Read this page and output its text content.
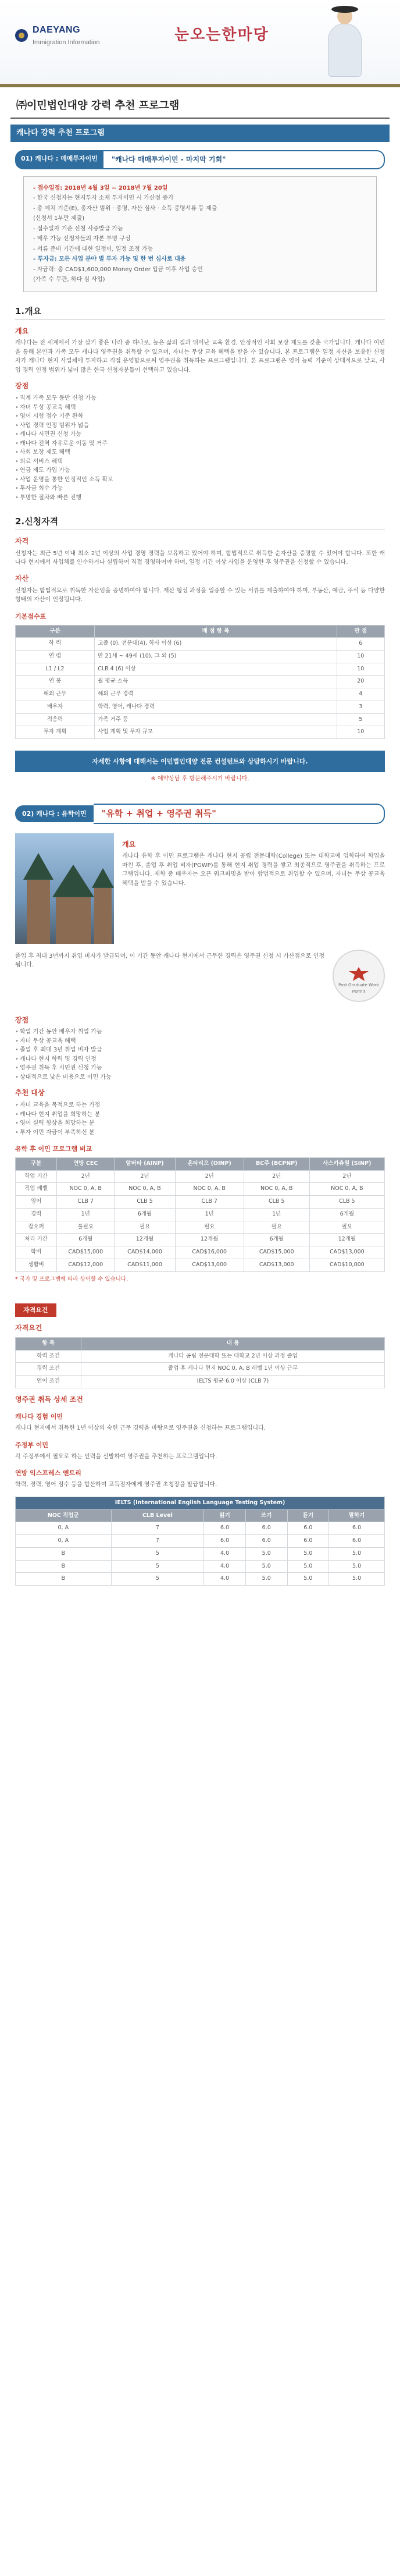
DAEYANG
Immigration Information	눈오는한마당
㈜이민법인대양 강력 추천 프로그램
캐나다 강력 추천 프로그램
01) 캐나다 : 매매투자이민	"캐나다 매매투자이민 - 마지막 기회"
- 접수일정: 2018년 4월 3일 ~ 2018년 7월 20일
- 한국 신청자는 현지투자 소재 투자이민 시 가산점 증가
- 총 예치 기준(E), 총자산 범위 · 총명, 자산 심사 · 소득 증명서류 등 제출
(신청서 1부만 제출)
- 접수일자 기준 신청 사증발급 가능
- 배우 가능 신청자들의 자본 투명 구성
- 서류 준비 기간에 대한 일정이, 일정 조정 가능
- 투자금: 모든 사업 분야 별 투자 가능 및 한 번 심사로 대응
- 자금력: 총 CAD$1,600,000 Money Order 입금 이후 사업 승인
(가족 수 무관, 하다 심 사업)
1.개요
개요

캐나다는 전 세계에서 가장 살기 좋은 나라 중 하나로, 높은 삶의 질과 뛰어난 교육 환경, 안정적인 사회 보장 제도를 갖춘 국가입니다. 캐나다 이민을 통해 본인과 가족 모두 캐나다 영주권을 취득할 수 있으며, 자녀는 무상 교육 혜택을 받을 수 있습니다. 본 프로그램은 일정 자산을 보유한 신청자가 캐나다 현지 사업체에 투자하고 직접 운영함으로써 영주권을 취득하는 프로그램입니다. 본 프로그램은 영어 능력 기준이 상대적으로 낮고, 사업 경력 인정 범위가 넓어 많은 한국 신청자분들이 선택하고 있습니다.

장점
• 직계 가족 모두 동반 신청 가능
• 자녀 무상 공교육 혜택
• 영어 시험 점수 기준 완화
• 사업 경력 인정 범위가 넓음
• 캐나다 시민권 신청 가능
• 캐나다 전역 자유로운 이동 및 거주
• 사회 보장 제도 혜택
• 의료 서비스 혜택
• 연금 제도 가입 가능
• 사업 운영을 통한 안정적인 소득 확보
• 투자금 회수 가능
• 투명한 절차와 빠른 진행
2.신청자격
자격

신청자는 최근 5년 이내 최소 2년 이상의 사업 경영 경력을 보유하고 있어야 하며, 합법적으로 취득한 순자산을 증명할 수 있어야 합니다. 또한 캐나다 현지에서 사업체를 인수하거나 설립하여 직접 경영하여야 하며, 일정 기간 이상 사업을 운영한 후 영주권을 신청할 수 있습니다.

자산

신청자는 합법적으로 취득한 자산임을 증명하여야 합니다. 재산 형성 과정을 입증할 수 있는 서류를 제출하여야 하며, 부동산, 예금, 주식 등 다양한 형태의 자산이 인정됩니다.

기본점수표
구분	배 점 항 목	만 점
학 력	고졸 (0), 전문대(4), 학사 이상 (6)	6
연 령	만 21세 ~ 49세 (10), 그 외 (5)	10
L1 / L2	CLB 4 (6) 이상	10
연 봉	월 평균 소득	20
해외 근무	해외 근무 경력	4
배우자	학력, 영어, 캐나다 경력	3
적응력	가족 거주 등	5
투자 계획	사업 계획 및 투자 규모	10
자세한 사항에 대해서는 이민법인대양 전문 컨설턴트와 상담하시기 바랍니다.
※ 예약상담 후 방문해주시기 바랍니다.
02) 캐나다 : 유학이민	"유학 + 취업 + 영주권 취득"
개요

캐나다 유학 후 이민 프로그램은 캐나다 현지 공립 전문대학(College) 또는 대학교에 입학하여 학업을 마친 후, 졸업 후 취업 비자(PGWP)를 통해 현지 취업 경력을 쌓고 최종적으로 영주권을 취득하는 프로그램입니다. 재학 중 배우자는 오픈 워크퍼밋을 받아 합법적으로 취업할 수 있으며, 자녀는 무상 공교육 혜택을 받을 수 있습니다.

졸업 후 최대 3년까지 취업 비자가 발급되며, 이 기간 동안 캐나다 현지에서 근무한 경력은 영주권 신청 시 가산점으로 인정됩니다.

Post Graduate Work Permit
장점
• 학업 기간 동안 배우자 취업 가능
• 자녀 무상 공교육 혜택
• 졸업 후 최대 3년 취업 비자 발급
• 캐나다 현지 학력 및 경력 인정
• 영주권 취득 후 시민권 신청 가능
• 상대적으로 낮은 비용으로 이민 가능
추천 대상
• 자녀 교육을 목적으로 하는 가정
• 캐나다 현지 취업을 희망하는 분
• 영어 실력 향상을 희망하는 분
• 투자 이민 자금이 부족하신 분
유학 후 이민 프로그램 비교
구분	연방 CEC	알버타 (AINP)	온타리오 (OINP)	BC주 (BCPNP)	사스카츄원 (SINP)
학업 기간	2년	2년	2년	2년	2년
직업 레벨	NOC 0, A, B	NOC 0, A, B	NOC 0, A, B	NOC 0, A, B	NOC 0, A, B
영어	CLB 7	CLB 5	CLB 7	CLB 5	CLB 5
경력	1년	6개월	1년	1년	6개월
잡오퍼	불필요	필요	필요	필요	필요
처리 기간	6개월	12개월	12개월	6개월	12개월
학비	CAD$15,000	CAD$14,000	CAD$16,000	CAD$15,000	CAD$13,000
생활비	CAD$12,000	CAD$11,000	CAD$13,000	CAD$13,000	CAD$10,000
* 국가 및 프로그램에 따라 상이할 수 있습니다.
자격요건
자격요건
항 목	내 용
학력 조건	캐나다 공립 전문대학 또는 대학교 2년 이상 과정 졸업
경력 조건	졸업 후 캐나다 현지 NOC 0, A, B 레벨 1년 이상 근무
언어 조건	IELTS 평균 6.0 이상 (CLB 7)
영주권 취득 상세 조건
캐나다 경험 이민

캐나다 현지에서 취득한 1년 이상의 숙련 근무 경력을 바탕으로 영주권을 신청하는 프로그램입니다.

주정부 이민

각 주정부에서 필요로 하는 인력을 선발하여 영주권을 추천하는 프로그램입니다.

연방 익스프레스 엔트리

학력, 경력, 영어 점수 등을 합산하여 고득점자에게 영주권 초청장을 발급합니다.

IELTS (International English Language Testing System)					
NOC 직업군	CLB Level	읽기	쓰기	듣기	말하기
0, A	7	6.0	6.0	6.0	6.0
0, A	7	6.0	6.0	6.0	6.0
B	5	4.0	5.0	5.0	5.0
B	5	4.0	5.0	5.0	5.0
B	5	4.0	5.0	5.0	5.0
